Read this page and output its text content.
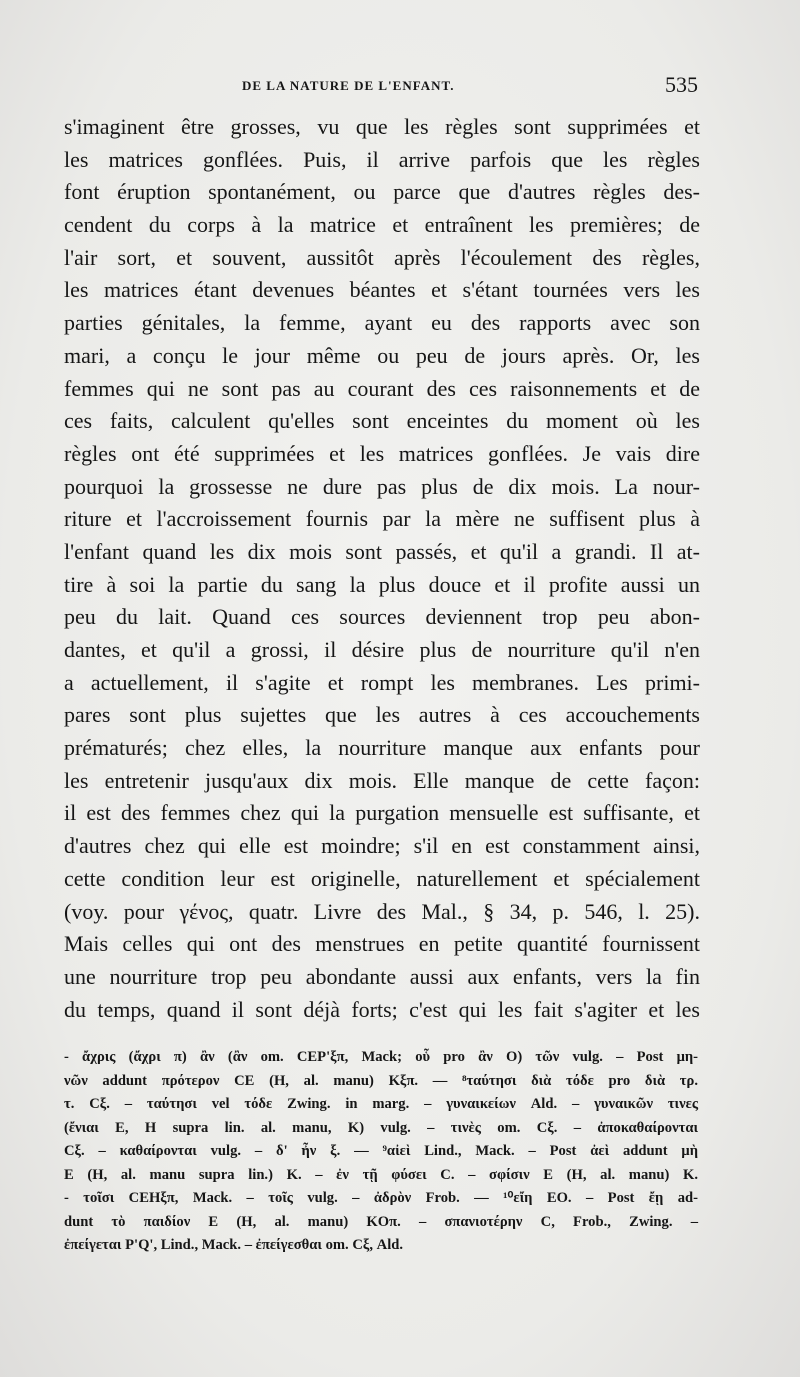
DE LA NATURE DE L'ENFANT.	535
s'imaginent être grosses, vu que les règles sont supprimées et
les matrices gonflées. Puis, il arrive parfois que les règles
font éruption spontanément, ou parce que d'autres règles des-
cendent du corps à la matrice et entraînent les premières; de
l'air sort, et souvent, aussitôt après l'écoulement des règles,
les matrices étant devenues béantes et s'étant tournées vers les
parties génitales, la femme, ayant eu des rapports avec son
mari, a conçu le jour même ou peu de jours après. Or, les
femmes qui ne sont pas au courant des ces raisonnements et de
ces faits, calculent qu'elles sont enceintes du moment où les
règles ont été supprimées et les matrices gonflées. Je vais dire
pourquoi la grossesse ne dure pas plus de dix mois. La nour-
riture et l'accroissement fournis par la mère ne suffisent plus à
l'enfant quand les dix mois sont passés, et qu'il a grandi. Il at-
tire à soi la partie du sang la plus douce et il profite aussi un
peu du lait. Quand ces sources deviennent trop peu abon-
dantes, et qu'il a grossi, il désire plus de nourriture qu'il n'en
a actuellement, il s'agite et rompt les membranes. Les primi-
pares sont plus sujettes que les autres à ces accouchements
prématurés; chez elles, la nourriture manque aux enfants pour
les entretenir jusqu'aux dix mois. Elle manque de cette façon:
il est des femmes chez qui la purgation mensuelle est suffisante, et
d'autres chez qui elle est moindre; s'il en est constamment ainsi,
cette condition leur est originelle, naturellement et spécialement
(voy. pour γένος, quatr. Livre des Mal., § 34, p. 546, l. 25).
Mais celles qui ont des menstrues en petite quantité fournissent
une nourriture trop peu abondante aussi aux enfants, vers la fin
du temps, quand il sont déjà forts; c'est qui les fait s'agiter et les
- ἄχρις (ἄχρι π) ἂν (ἂν om. CEP'ξπ, Mack; οὗ pro ἂν O) τῶν vulg. – Post μη-
νῶν addunt πρότερον CE (H, al. manu) Kξπ. — ⁸ταύτησι διὰ τόδε pro διὰ τρ.
τ. Cξ. – ταύτησι vel τόδε Zwing. in marg. – γυναικείων Ald. – γυναικῶν τινες
(ἔνιαι E, H supra lin. al. manu, K) vulg. – τινὲς om. Cξ. – ἀποκαθαίρονται
Cξ. – καθαίρονται vulg. – δ' ἦν ξ. — ⁹αἰεὶ Lind., Mack. – Post ἀεὶ addunt μὴ
E (H, al. manu supra lin.) K. – ἐν τῇ φύσει C. – σφίσιν E (H, al. manu) K.
- τοῖσι CEHξπ, Mack. – τοῖς vulg. – ἀδρὸν Frob. — ¹⁰εἴη EO. – Post ἔῃ ad-
dunt τὸ παιδίον E (H, al. manu) KOπ. – σπανιοτέρην C, Frob., Zwing. –
ἐπείγεται P'Q', Lind., Mack. – ἐπείγεσθαι om. Cξ, Ald.
